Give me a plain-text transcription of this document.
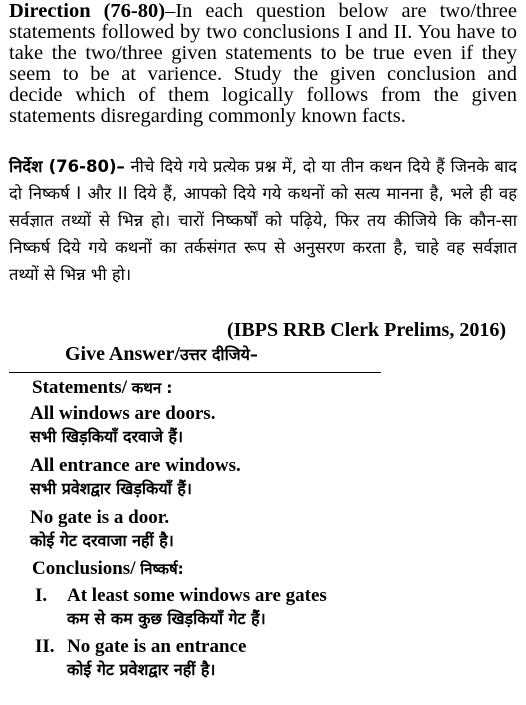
Direction (76-80)–In each question below are two/three statements followed by two conclusions I and II. You have to take the two/three given statements to be true even if they seem to be at varience. Study the given conclusion and decide which of them logically follows from the given statements disregarding commonly known facts.
निर्देश (76-80)– नीचे दिये गये प्रत्येक प्रश्न में, दो या तीन कथन दिये हैं जिनके बाद दो निष्कर्ष I और II दिये हैं, आपको दिये गये कथनों को सत्य मानना है, भले ही वह सर्वज्ञात तथ्यों से भिन्न हो। चारों निष्कर्षों को पढ़िये, फिर तय कीजिये कि कौन-सा निष्कर्ष दिये गये कथनों का तर्कसंगत रूप से अनुसरण करता है, चाहे वह सर्वज्ञात तथ्यों से भिन्न भी हो।
(IBPS RRB Clerk Prelims, 2016)
Give Answer/उत्तर दीजिये–
Statements/ कथन :
All windows are doors.
सभी खिड़कियाँ दरवाजे हैं।
All entrance are windows.
सभी प्रवेशद्वार खिड़कियाँ हैं।
No gate is a door.
कोई गेट दरवाजा नहीं है।
Conclusions/ निष्कर्ष:
I. At least some windows are gates
कम से कम कुछ खिड़कियाँ गेट हैं।
II. No gate is an entrance
कोई गेट प्रवेशद्वार नहीं है।
